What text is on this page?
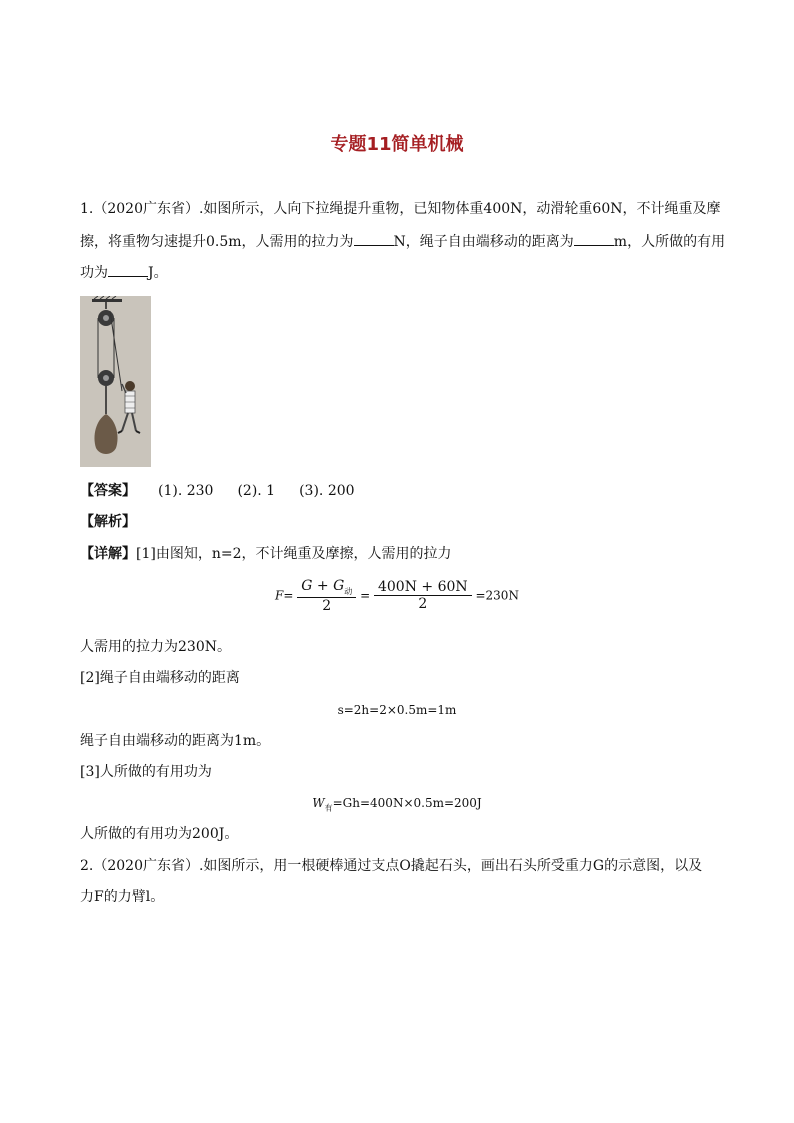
专题11简单机械
1.（2020广东省）.如图所示，人向下拉绳提升重物，已知物体重400N，动滑轮重60N，不计绳重及摩
擦，将重物匀速提升0.5m，人需用的拉力为	N，绳子自由端移动的距离为	m，人所做的有用
功为	J。
【答案】 (1). 230 (2). 1 (3). 200
【解析】
【详解】[1]由图知，n=2，不计绳重及摩擦，人需用的拉力
$F= \frac{G + G_动}{2} = \frac{400N + 60N}{2} =230N$
人需用的拉力为230N。
[2]绳子自由端移动的距离
s=2h=2×0.5m=1m
绳子自由端移动的距离为1m。
[3]人所做的有用功为
$W_有=Gh=400N\times 0.5m=200J$
人所做的有用功为200J。
2.（2020广东省）.如图所示，用一根硬棒通过支点O撬起石头，画出石头所受重力G的示意图，以及
力F的力臂l。
